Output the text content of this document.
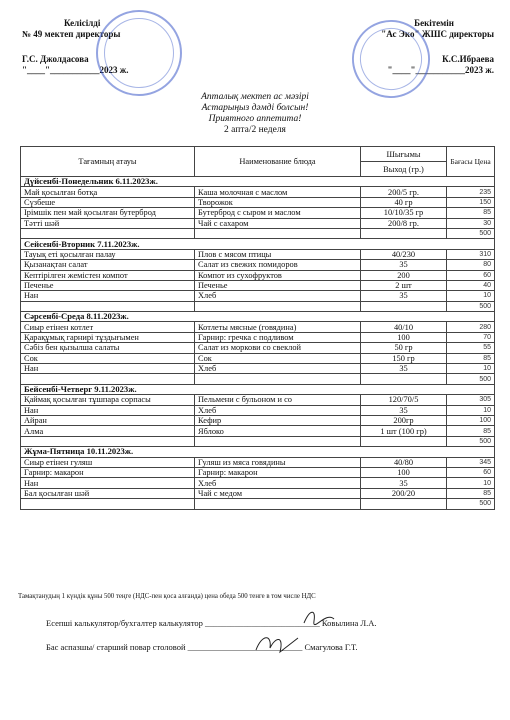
Келісілді
№ 49 мектеп директоры
Г.С. Джолдасова
"____"___________2023 ж.
Бекітемін
"Ас Эко" ЖШС директоры
К.С.Ибраева
"____"___________2023 ж.
Апталық мектеп ас мәзірі
Астарыңыз дәмді болсын!
Приятного аппетита!
2 апта/2 неделя
Тағамның атауы	Наименование блюда	Шығымы	Бағасы Цена
		Выход (гр.)	
Дүйсенбі-Понедельник 6.11.2023ж.			
Май қосылған ботқа	Каша молочная с маслом	200/5 гр.	235
Сүзбеше	Творожок	40 гр	150
Ірімшік пен май қосылған бутерброд	Бутерброд с сыром и маслом	10/10/35 гр	85
Тәтті шәй	Чай с сахаром	200/8 гр.	30
			500
Сейсенбі-Вторник 7.11.2023ж.			
Тауық еті қосылған палау	Плов с мясом птицы	40/230	310
Қызанақтан салат	Салат из свежих помидоров	35	80
Кептірілген жемістен компот	Компот из сухофруктов	200	60
Печенье	Печенье	2 шт	40
Нан	Хлеб	35	10
			500
Сәрсенбі-Среда 8.11.2023ж.			
Сиыр етінен котлет	Котлеты мясные (говядина)	40/10	280
Қарақұмық гарнирі тұздығымен	Гарнир: гречка с подливом	100	70
Сәбіз бен қызылша салаты	Салат из моркови со свеклой	50 гр	55
Сок	Сок	150 гр	85
Нан	Хлеб	35	10
			500
Бейсенбі-Четверг 9.11.2023ж.			
Қаймақ қосылған тұшпара сорпасы	Пельмени с бульоном и со	120/70/5	305
Нан	Хлеб	35	10
Айран	Кефир	200гр	100
Алма	Яблоко	1 шт (100 гр)	85
			500
Жұма-Пятница 10.11.2023ж.			
Сиыр етінен гуляш	Гуляш из мяса говядины	40/80	345
Гарнир: макарон	Гарнир: макарон	100	60
Нан	Хлеб	35	10
Бал қосылған шәй	Чай с медом	200/20	85
			500
Тамақтанудың 1 күндік құны 500 теңге (НДС-пен қоса алғанда) цена обеда 500 тенге в том числе НДС
Есепші калькулятор/бухгалтер калькулятор ___________________________ Ковылина Л.А.
Бас аспазшы/ старший повар столовой ___________________________ Смагулова Г.Т.
